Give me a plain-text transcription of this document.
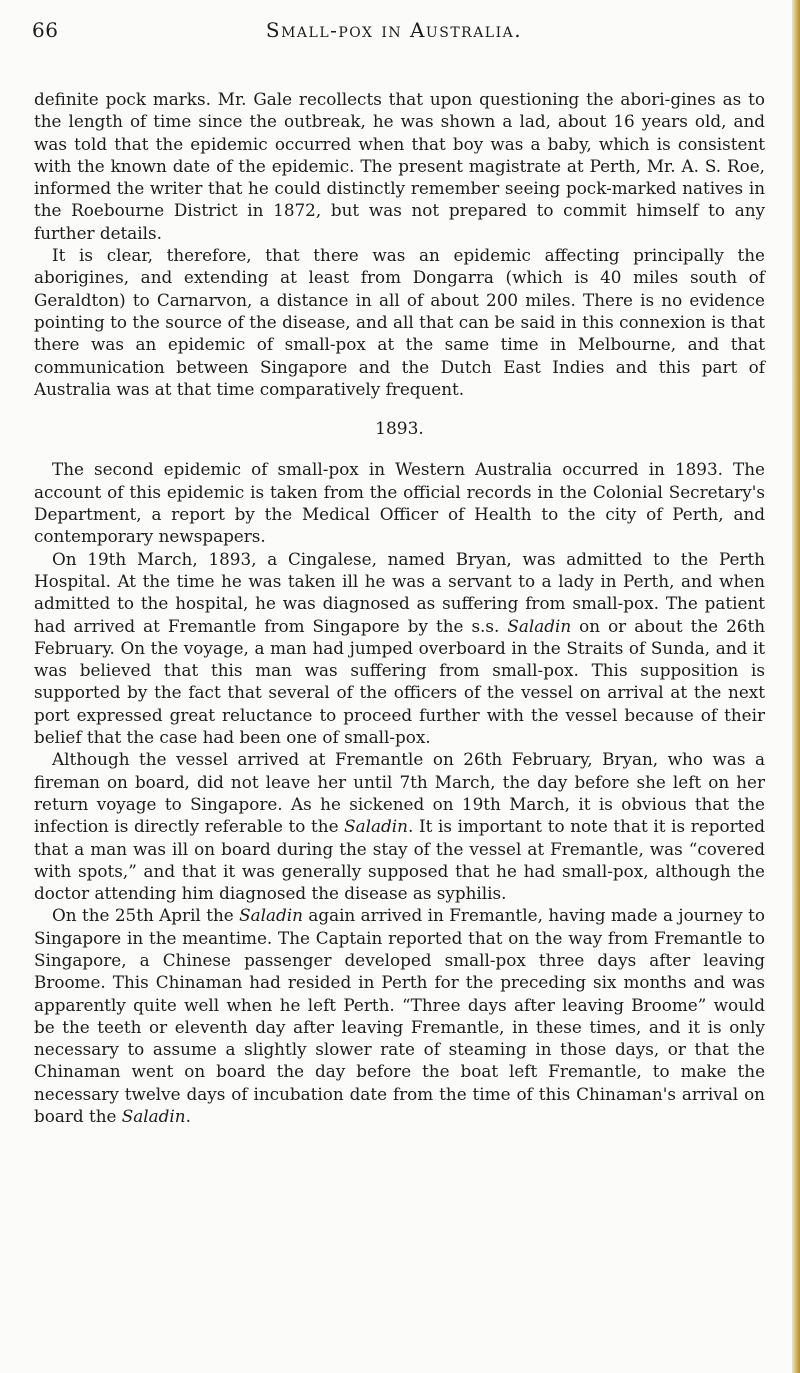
66	Small-pox in Australia.

definite pock marks. Mr. Gale recollects that upon questioning the abori-gines as to the length of time since the outbreak, he was shown a lad, about 16 years old, and was told that the epidemic occurred when that boy was a baby, which is consistent with the known date of the epidemic. The present magistrate at Perth, Mr. A. S. Roe, informed the writer that he could distinctly remember seeing pock-marked natives in the Roebourne District in 1872, but was not prepared to commit himself to any further details.

It is clear, therefore, that there was an epidemic affecting principally the aborigines, and extending at least from Dongarra (which is 40 miles south of Geraldton) to Carnarvon, a distance in all of about 200 miles. There is no evidence pointing to the source of the disease, and all that can be said in this connexion is that there was an epidemic of small-pox at the same time in Melbourne, and that communication between Singapore and the Dutch East Indies and this part of Australia was at that time comparatively frequent.

1893.

The second epidemic of small-pox in Western Australia occurred in 1893. The account of this epidemic is taken from the official records in the Colonial Secretary's Department, a report by the Medical Officer of Health to the city of Perth, and contemporary newspapers.

On 19th March, 1893, a Cingalese, named Bryan, was admitted to the Perth Hospital. At the time he was taken ill he was a servant to a lady in Perth, and when admitted to the hospital, he was diagnosed as suffering from small-pox. The patient had arrived at Fremantle from Singapore by the s.s. Saladin on or about the 26th February. On the voyage, a man had jumped overboard in the Straits of Sunda, and it was believed that this man was suffering from small-pox. This supposition is supported by the fact that several of the officers of the vessel on arrival at the next port expressed great reluctance to proceed further with the vessel because of their belief that the case had been one of small-pox.

Although the vessel arrived at Fremantle on 26th February, Bryan, who was a fireman on board, did not leave her until 7th March, the day before she left on her return voyage to Singapore. As he sickened on 19th March, it is obvious that the infection is directly referable to the Saladin. It is important to note that it is reported that a man was ill on board during the stay of the vessel at Fremantle, was “covered with spots,” and that it was generally supposed that he had small-pox, although the doctor attending him diagnosed the disease as syphilis.

On the 25th April the Saladin again arrived in Fremantle, having made a journey to Singapore in the meantime. The Captain reported that on the way from Fremantle to Singapore, a Chinese passenger developed small-pox three days after leaving Broome. This Chinaman had resided in Perth for the preceding six months and was apparently quite well when he left Perth. “Three days after leaving Broome” would be the teeth or eleventh day after leaving Fremantle, in these times, and it is only necessary to assume a slightly slower rate of steaming in those days, or that the Chinaman went on board the day before the boat left Fremantle, to make the necessary twelve days of incubation date from the time of this Chinaman's arrival on board the Saladin.
